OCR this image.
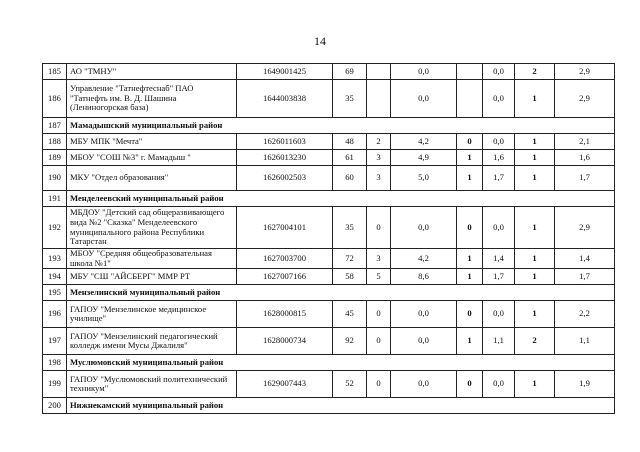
14
185	АО "ТМНУ"	1649001425	69		0,0		0,0	2	2,9
186	Управление "Татнефтеснаб" ПАО "Татнефть им. В. Д. Шашина (Лениногорская база)	1644003838	35		0,0		0,0	1	2,9
187	Мамадышский муниципальный район								
188	МБУ МПК "Мечта"	1626011603	48	2	4,2	0	0,0	1	2,1
189	МБОУ "СОШ №3" г. Мамадыш "	1626013230	61	3	4,9	1	1,6	1	1,6
190	МКУ "Отдел образования"	1626002503	60	3	5,0	1	1,7	1	1,7
191	Менделеевский муниципальный район								
192	МБДОУ "Детский сад общеразвивающего вида №2 "Сказка" Менделеевского муниципального района Республики Татарстан	1627004101	35	0	0,0	0	0,0	1	2,9
193	МБОУ "Средняя общеобразовательная школа №1"	1627003700	72	3	4,2	1	1,4	1	1,4
194	МБУ "СШ "АЙСБЕРГ" ММР РТ	1627007166	58	5	8,6	1	1,7	1	1,7
195	Мензелинский муниципальный район								
196	ГАПОУ "Мензелинское медицинское училище"	1628000815	45	0	0,0	0	0,0	1	2,2
197	ГАПОУ "Мензелинский педагогический колледж имени Мусы Джалиля"	1628000734	92	0	0,0	1	1,1	2	1,1
198	Муслюмовский муниципальный район								
199	ГАПОУ "Муслюмовский политехнический техникум"	1629007443	52	0	0,0	0	0,0	1	1,9
200	Нижнекамский муниципальный район								
